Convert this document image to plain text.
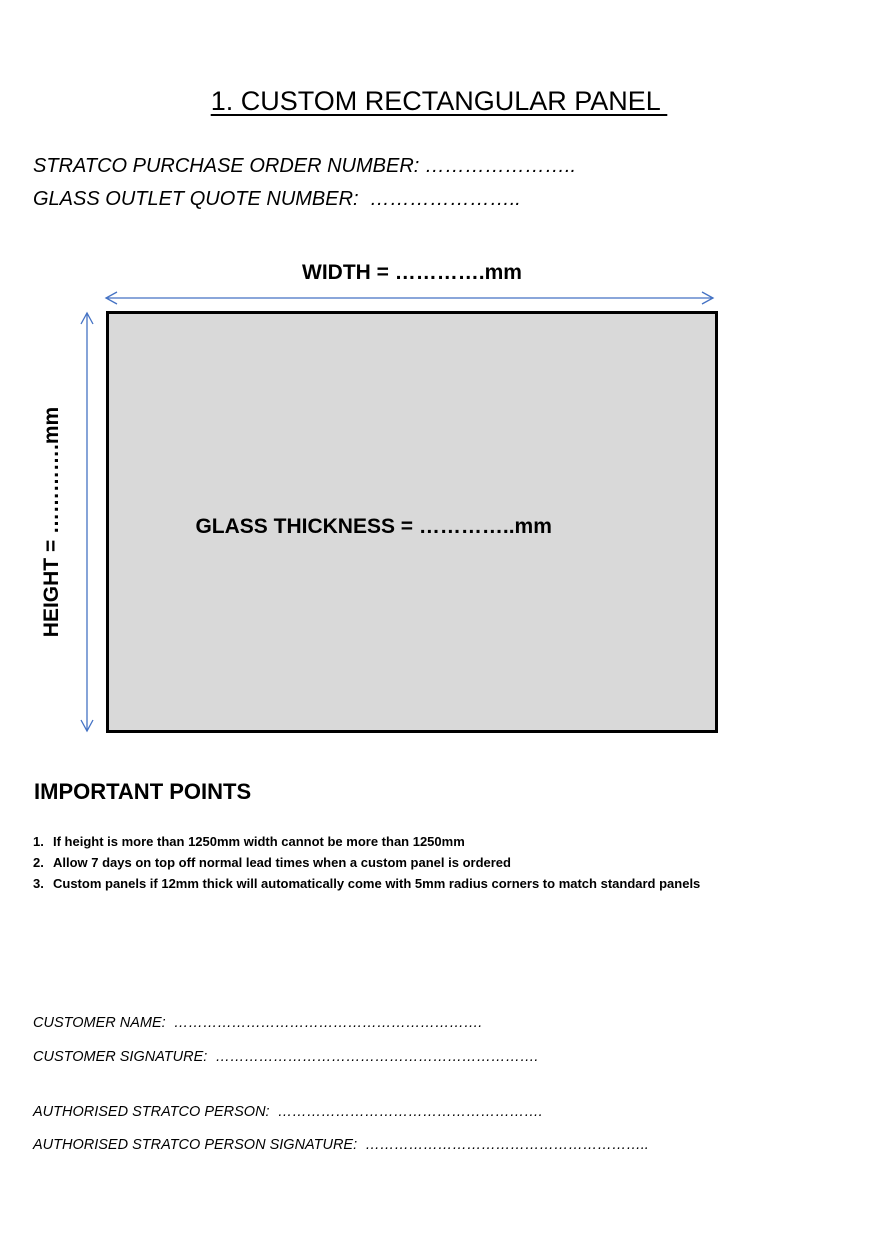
1. CUSTOM RECTANGULAR PANEL
STRATCO PURCHASE ORDER NUMBER: …………………..
GLASS OUTLET QUOTE NUMBER:  …………………..
WIDTH = ………….mm
HEIGHT = ………….mm	GLASS THICKNESS = …………..mm

IMPORTANT POINTS
1. If height is more than 1250mm width cannot be more than 1250mm
2. Allow 7 days on top off normal lead times when a custom panel is ordered
3. Custom panels if 12mm thick will automatically come with 5mm radius corners to match standard panels
CUSTOMER NAME:  ……………………………………………………….
CUSTOMER SIGNATURE:  ………………………………………………………….
AUTHORISED STRATCO PERSON:  ……………………………………………….
AUTHORISED STRATCO PERSON SIGNATURE:  …………………………………………………..
